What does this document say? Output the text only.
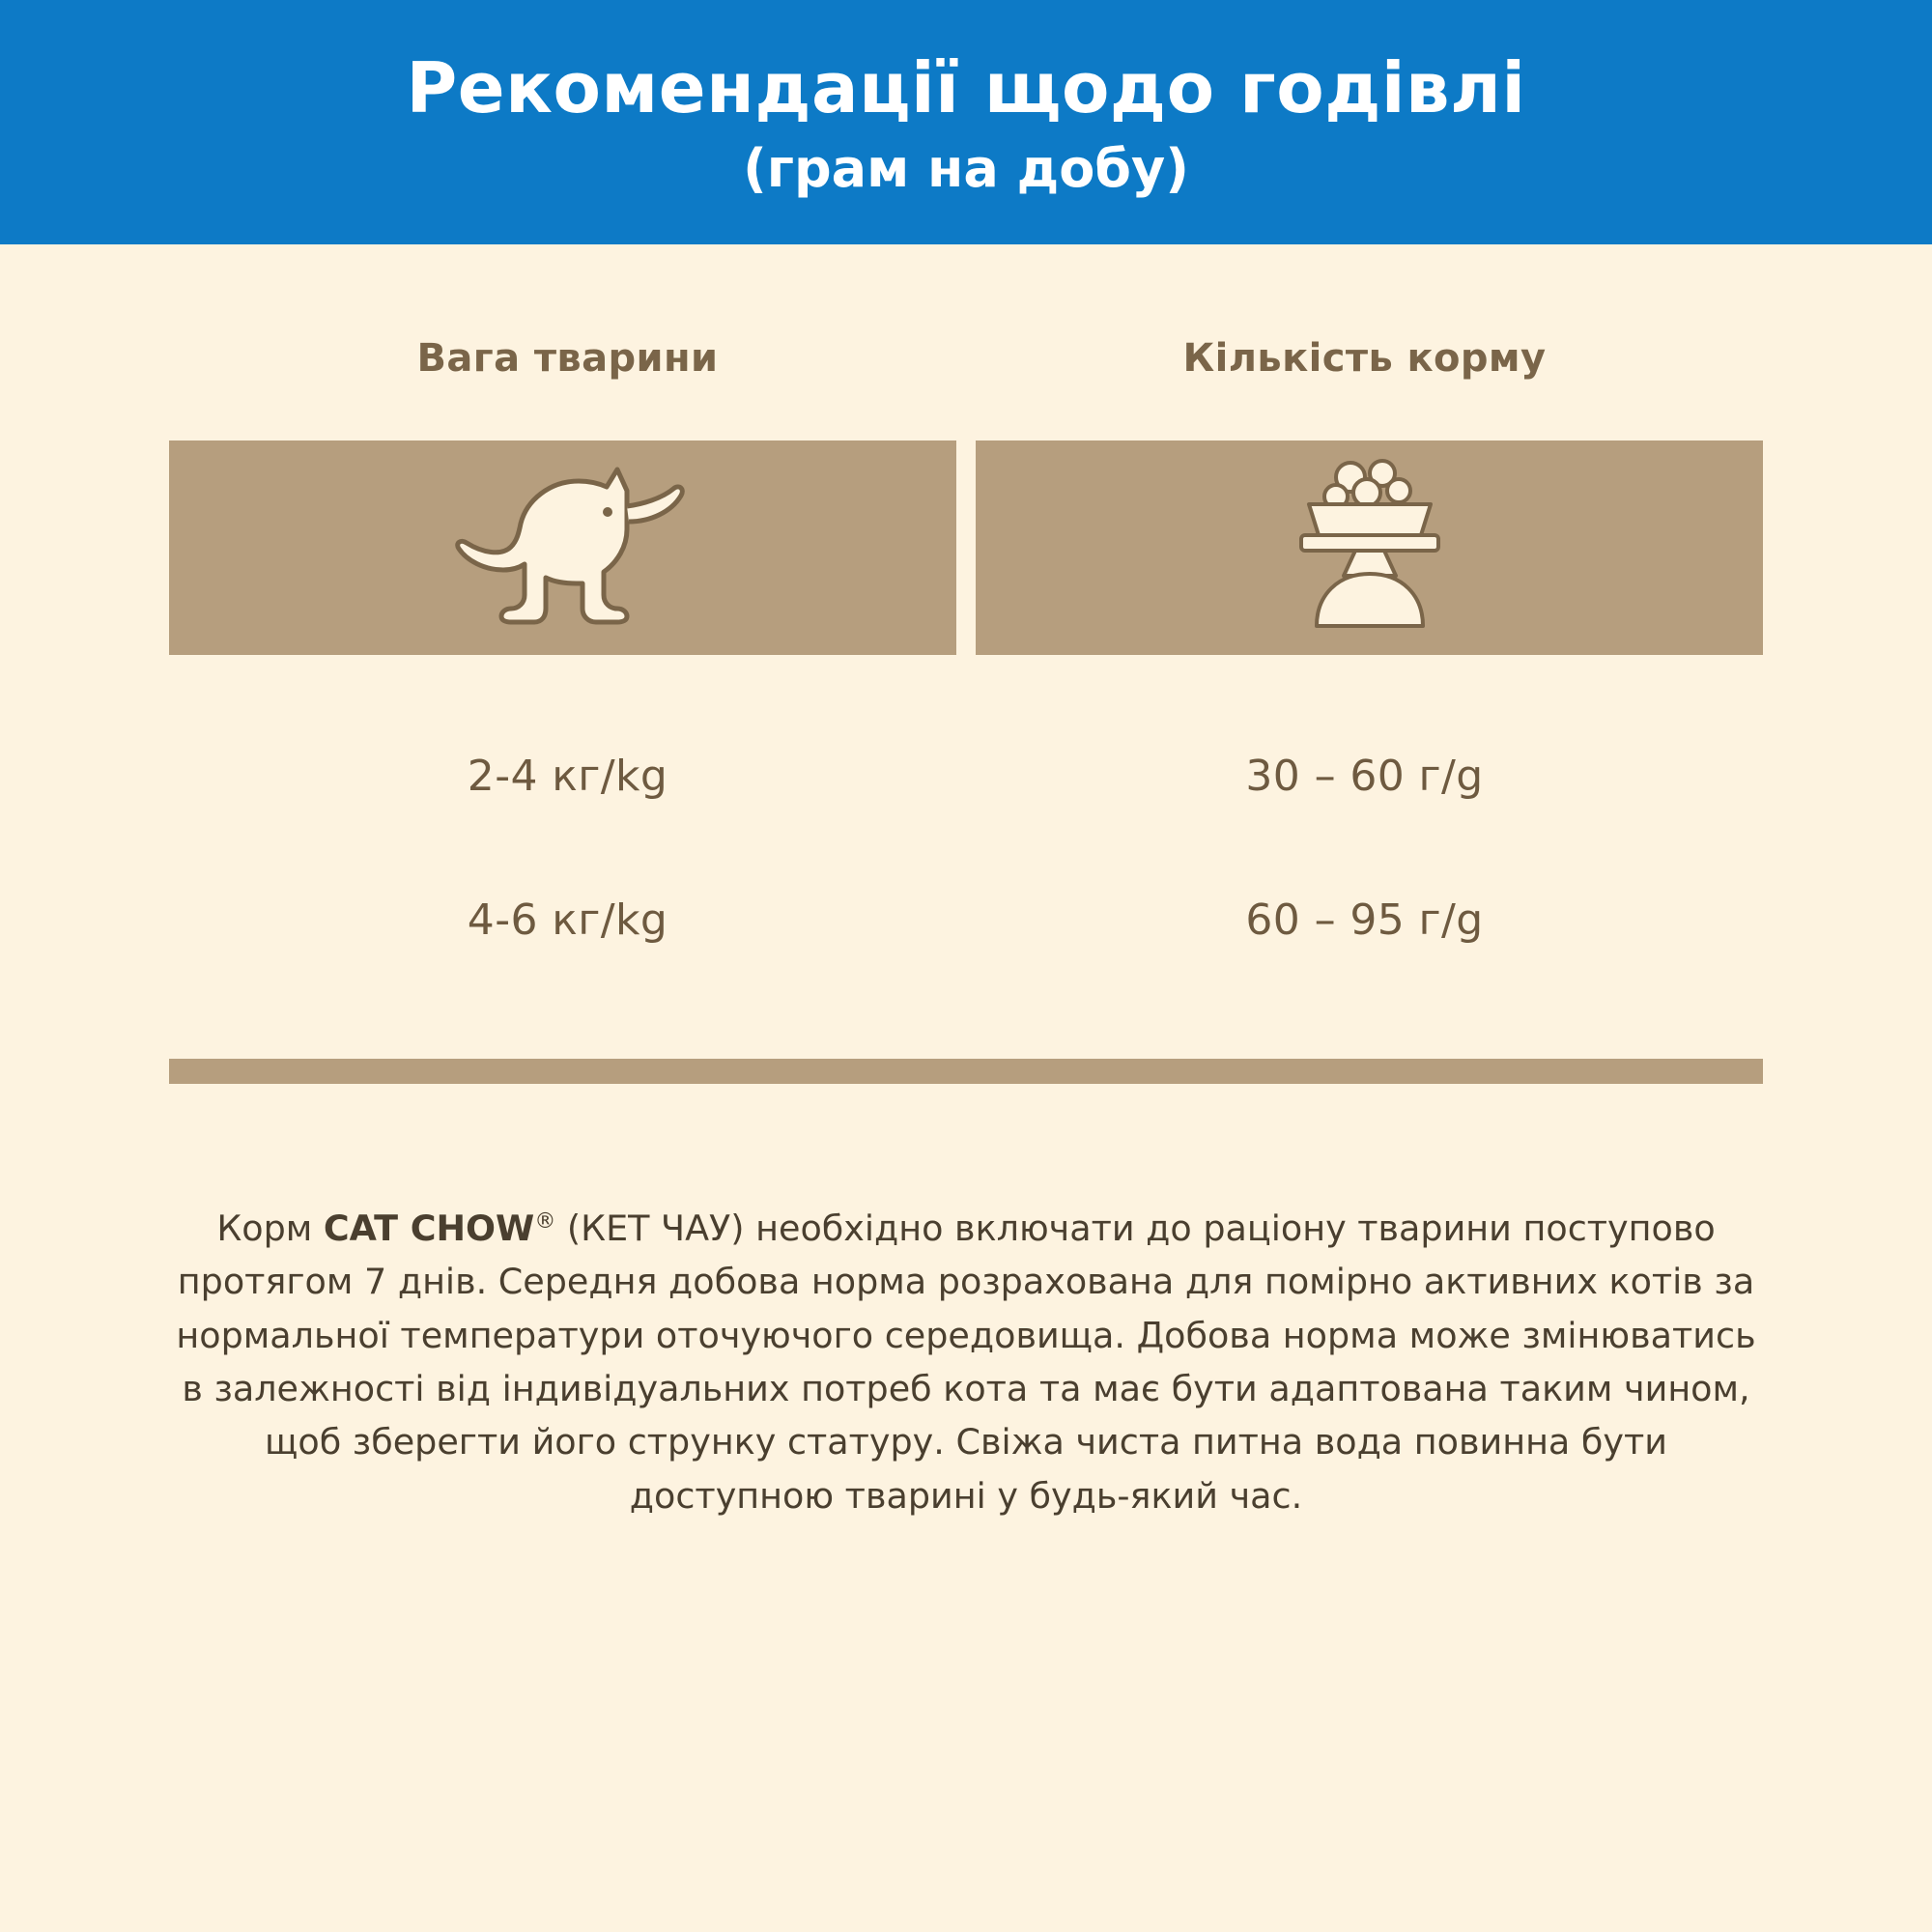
Рекомендації щодо годівлі
(грам на добу)
Вага тварини	Кількість корму
2-4 кг/kg	30 – 60 г/g
4-6 кг/kg	60 – 95 г/g
Корм CAT CHOW® (КЕТ ЧАУ) необхідно включати до раціону тварини поступово протягом 7 днів. Середня добова норма розрахована для помірно активних котів за нормальної температури оточуючого середовища. Добова норма може змінюватись в залежності від індивідуальних потреб кота та має бути адаптована таким чином, щоб зберегти його струнку статуру. Свіжа чиста питна вода повинна бути доступною тварині у будь-який час.
